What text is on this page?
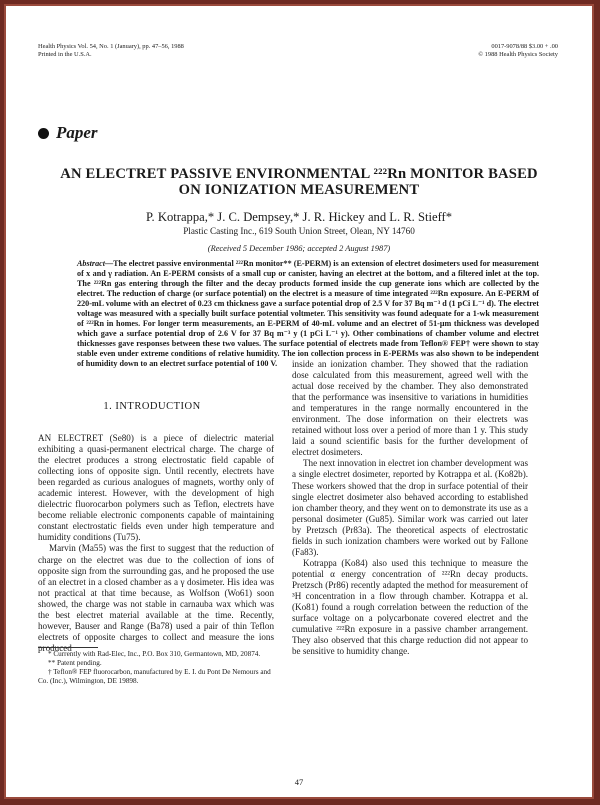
Health Physics Vol. 54, No. 1 (January), pp. 47–56, 1988

Printed in the U.S.A.

0017-9078/88 $3.00 + .00

© 1988 Health Physics Society

Paper

AN ELECTRET PASSIVE ENVIRONMENTAL ²²²Rn MONITOR BASED

ON IONIZATION MEASUREMENT

P. Kotrappa,* J. C. Dempsey,* J. R. Hickey and L. R. Stieff*

Plastic Casting Inc., 619 South Union Street, Olean, NY 14760

(Received 5 December 1986; accepted 2 August 1987)

Abstract—The electret passive environmental ²²²Rn monitor** (E-PERM) is an extension of electret dosimeters used for measurement of x and γ radiation. An E-PERM consists of a small cup or canister, having an electret at the bottom, and a filtered inlet at the top. The ²²²Rn gas entering through the filter and the decay products formed inside the cup generate ions which are collected by the electret. The reduction of charge (or surface potential) on the electret is a measure of time integrated ²²²Rn exposure. An E-PERM of 220-mL volume with an electret of 0.23 cm thickness gave a surface potential drop of 2.5 V for 37 Bq m⁻³ d (1 pCi L⁻¹ d). The electret voltage was measured with a specially built surface potential voltmeter. This sensitivity was found adequate for a 1-wk measurement of ²²²Rn in homes. For longer term measurements, an E-PERM of 40-mL volume and an electret of 51-μm thickness was developed which gave a surface potential drop of 2.6 V for 37 Bq m⁻³ y (1 pCi L⁻¹ y). Other combinations of chamber volume and electret thicknesses gave responses between these two values. The surface potential of electrets made from Teflon® FEP† were shown to stay stable even under extreme conditions of relative humidity. The ion collection process in E-PERMs was also shown to be independent of humidity down to an electret surface potential of 100 V.
1. INTRODUCTION

AN ELECTRET (Se80) is a piece of dielectric material exhibiting a quasi-permanent electrical charge. The charge of the electret produces a strong electrostatic field capable of collecting ions of opposite sign. Until recently, electrets have been regarded as curious analogues of magnets, worthy only of academic interest. However, with the development of high dielectric fluorocarbon polymers such as Teflon, electrets have become reliable electronic components capable of maintaining constant electrostatic fields even under high temperature and humidity conditions (Tu75).

Marvin (Ma55) was the first to suggest that the reduction of charge on the electret was due to the collection of ions of opposite sign from the surrounding gas, and he proposed the use of an electret in a closed chamber as a γ dosimeter. His idea was not practical at that time because, as Wolfson (Wo61) soon showed, the charge was not stable in carnauba wax which was the best electret material available at the time. Recently, however, Bauser and Range (Ba78) used a pair of thin Teflon electrets of opposite charges to collect and measure the ions produced

inside an ionization chamber. They showed that the radiation dose calculated from this measurement, agreed well with the actual dose received by the chamber. They also demonstrated that the performance was insensitive to variations in humidities and temperatures in the range normally encountered in the environment. The dose information on their electrets was retained without loss over a period of more than 1 y. This study laid a sound scientific basis for the further development of electret dosimeters.

The next innovation in electret ion chamber development was a single electret dosimeter, reported by Kotrappa et al. (Ko82b). These workers showed that the drop in surface potential of their single electret dosimeter also behaved according to established ion chamber theory, and they went on to demonstrate its use as a personal dosimeter (Gu85). Similar work was carried out later by Pretzsch (Pr83a). The theoretical aspects of electrostatic fields in such ionization chambers were worked out by Fallone (Fa83).

Kotrappa (Ko84) also used this technique to measure the potential α energy concentration of ²²²Rn decay products. Pretzsch (Pr86) recently adapted the method for measurement of ³H concentration in a flow through chamber. Kotrappa et al. (Ko81) found a rough correlation between the reduction of the surface voltage on a polycarbonate covered electret and the cumulative ²²²Rn exposure in a passive chamber arrangement. They also observed that this charge reduction did not appear to be sensitive to humidity change.

* Currently with Rad-Elec, Inc., P.O. Box 310, Germantown, MD, 20874.

** Patent pending.

† Teflon® FEP fluorocarbon, manufactured by E. I. du Pont De Nemours and Co. (Inc.), Wilmington, DE 19898.

47
